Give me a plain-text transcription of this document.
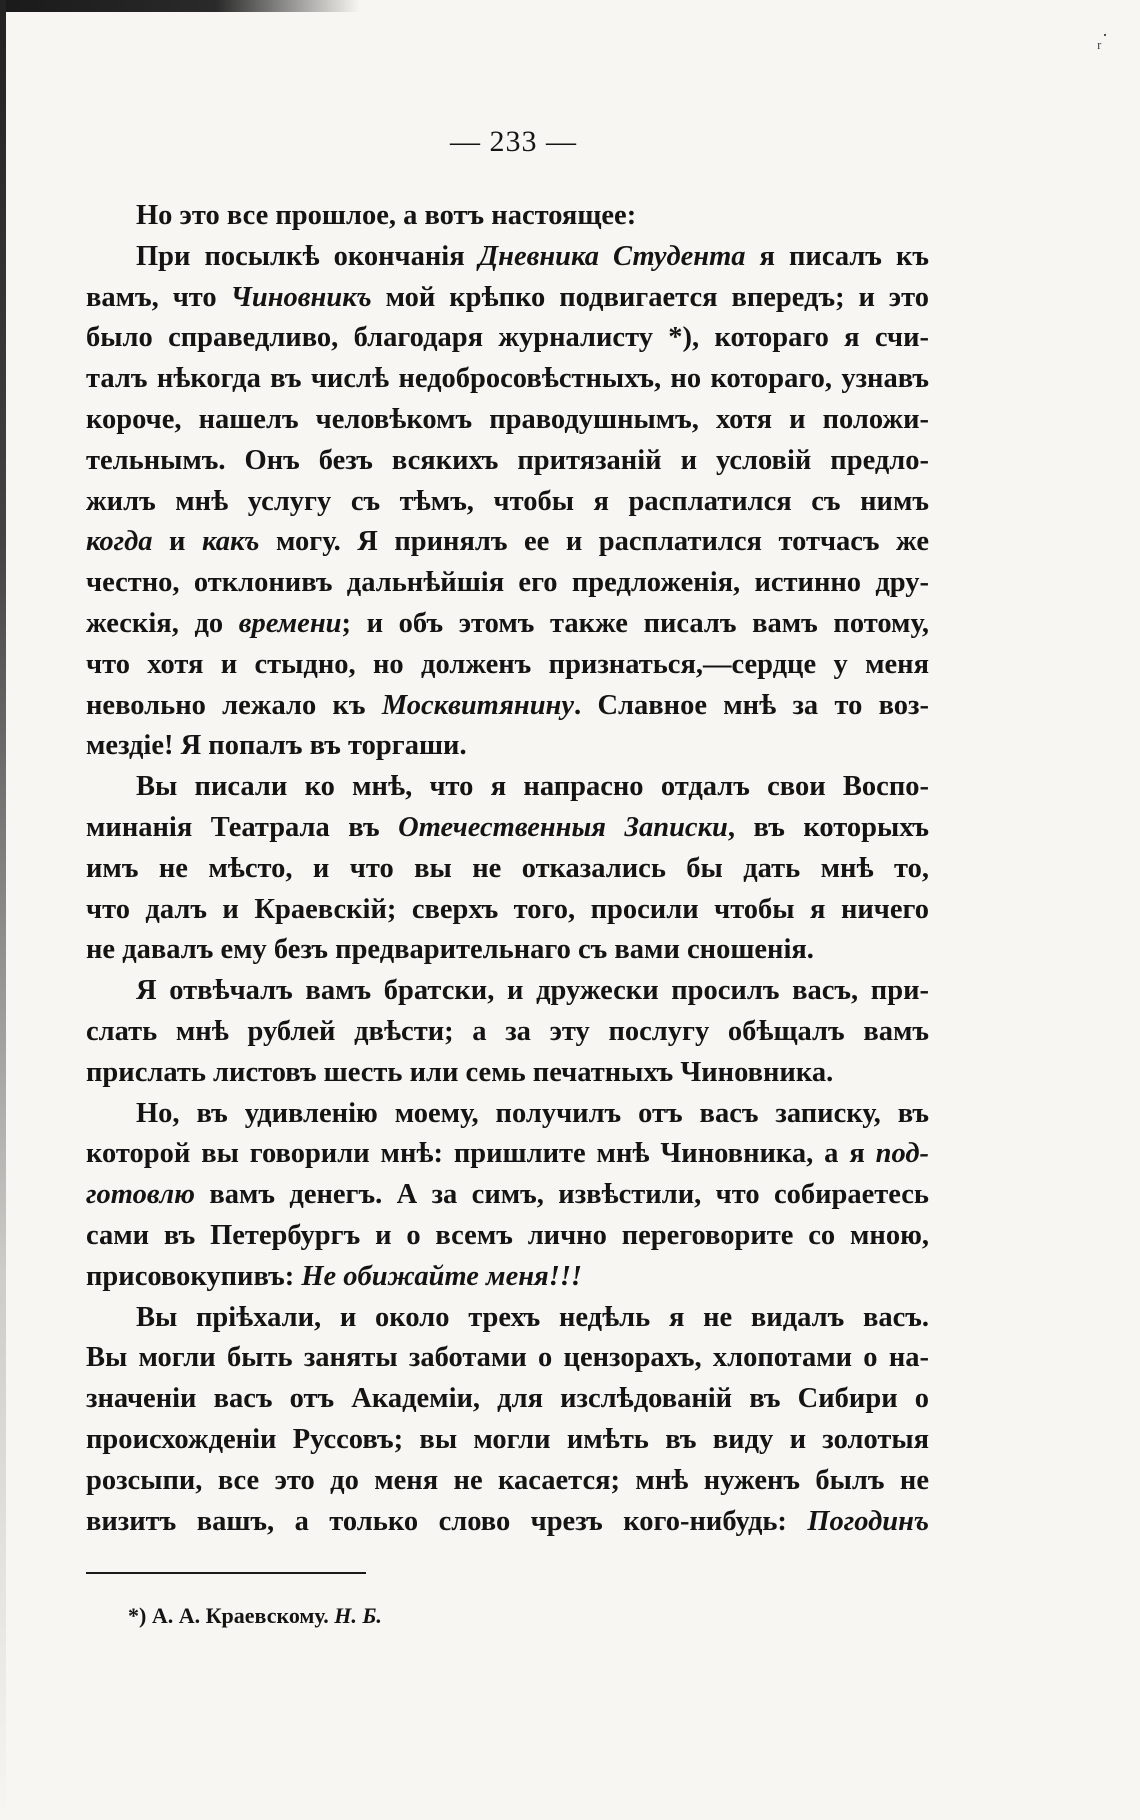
ᵣ˙
— 233 —
Но это все прошлое, а вотъ настоящее:
При посылкѣ окончанія Дневника Студента я писалъ къ
вамъ, что Чиновникъ мой крѣпко подвигается впередъ; и это
было справедливо, благодаря журналисту *), котораго я счи-
талъ нѣкогда въ числѣ недобросовѣстныхъ, но котораго, узнавъ
короче, нашелъ человѣкомъ праводушнымъ, хотя и положи-
тельнымъ. Онъ безъ всякихъ притязаній и условій предло-
жилъ мнѣ услугу съ тѣмъ, чтобы я расплатился съ нимъ
когда и какъ могу. Я принялъ ее и расплатился тотчасъ же
честно, отклонивъ дальнѣйшія его предложенія, истинно дру-
жескія, до времени; и объ этомъ также писалъ вамъ потому,
что хотя и стыдно, но долженъ признаться,—сердце у меня
невольно лежало къ Москвитянину. Славное мнѣ за то воз-
мездіе! Я попалъ въ торгаши.
Вы писали ко мнѣ, что я напрасно отдалъ свои Воспо-
минанія Театрала въ Отечественныя Записки, въ которыхъ
имъ не мѣсто, и что вы не отказались бы дать мнѣ то,
что далъ и Краевскій; сверхъ того, просили чтобы я ничего
не давалъ ему безъ предварительнаго съ вами сношенія.
Я отвѣчалъ вамъ братски, и дружески просилъ васъ, при-
слать мнѣ рублей двѣсти; а за эту послугу обѣщалъ вамъ
прислать листовъ шесть или семь печатныхъ Чиновника.
Но, въ удивленію моему, получилъ отъ васъ записку, въ
которой вы говорили мнѣ: пришлите мнѣ Чиновника, а я под-
готовлю вамъ денегъ. А за симъ, извѣстили, что собираетесь
сами въ Петербургъ и о всемъ лично переговорите со мною,
присовокупивъ: Не обижайте меня!!!
Вы пріѣхали, и около трехъ недѣль я не видалъ васъ.
Вы могли быть заняты заботами о цензорахъ, хлопотами о на-
значеніи васъ отъ Академіи, для изслѣдованій въ Сибири о
происхожденіи Руссовъ; вы могли имѣть въ виду и золотыя
розсыпи, все это до меня не касается; мнѣ нуженъ былъ не
визитъ вашъ, а только слово чрезъ кого-нибудь: Погодинъ
*) А. А. Краевскому. Н. Б.
